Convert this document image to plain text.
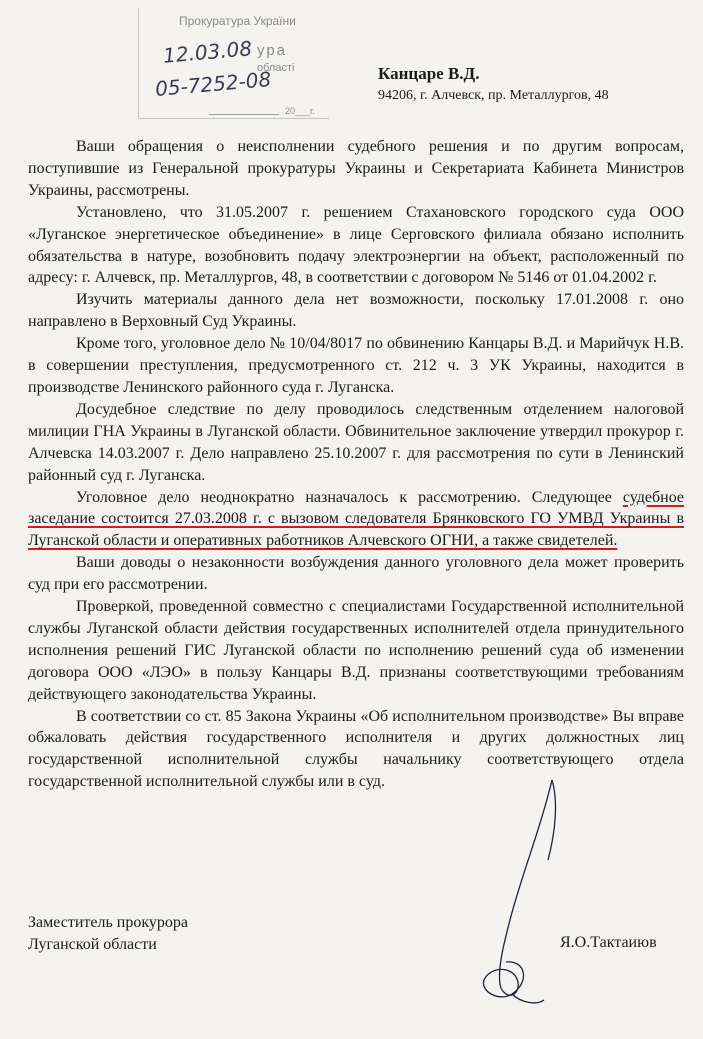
Прокуратура України
ура
області
20___г.
12.03.08
05-7252-08	Канцаре В.Д.

94206, г. Алчевск, пр. Металлургов, 48

Ваши обращения о неисполнении судебного решения и по другим вопросам, поступившие из Генеральной прокуратуры Украины и Секретариата Кабинета Министров Украины, рассмотрены.

Установлено, что 31.05.2007 г. решением Стахановского городского суда ООО «Луганское энергетическое объединение» в лице Серговского филиала обязано исполнить обязательства в натуре, возобновить подачу электроэнергии на объект, расположенный по адресу: г. Алчевск, пр. Металлургов, 48, в соответствии с договором № 5146 от 01.04.2002 г.

Изучить материалы данного дела нет возможности, поскольку 17.01.2008 г. оно направлено в Верховный Суд Украины.

Кроме того, уголовное дело № 10/04/8017 по обвинению Канцары В.Д. и Марийчук Н.В. в совершении преступления, предусмотренного ст. 212 ч. 3 УК Украины, находится в производстве Ленинского районного суда г. Луганска.

Досудебное следствие по делу проводилось следственным отделением налоговой милиции ГНА Украины в Луганской области. Обвинительное заключение утвердил прокурор г. Алчевска 14.03.2007 г. Дело направлено 25.10.2007 г. для рассмотрения по сути в Ленинский районный суд г. Луганска.

Уголовное дело неоднократно назначалось к рассмотрению. Следующее судебное заседание состоится 27.03.2008 г. с вызовом следователя Брянковского ГО УМВД Украины в Луганской области и оперативных работников Алчевского ОГНИ, а также свидетелей.

Ваши доводы о незаконности возбуждения данного уголовного дела может проверить суд при его рассмотрении.

Проверкой, проведенной совместно с специалистами Государственной исполнительной службы Луганской области действия государственных исполнителей отдела принудительного исполнения решений ГИС Луганской области по исполнению решений суда об изменении договора ООО «ЛЭО» в пользу Канцары В.Д. признаны соответствующими требованиям действующего законодательства Украины.

В соответствии со ст. 85 Закона Украины «Об исполнительном производстве» Вы вправе обжаловать действия государственного исполнителя и других должностных лиц государственной исполнительной службы начальнику соответствующего отдела государственной исполнительной службы или в суд.

Заместитель прокурора
Луганской области	Я.О.Тактаиюв
